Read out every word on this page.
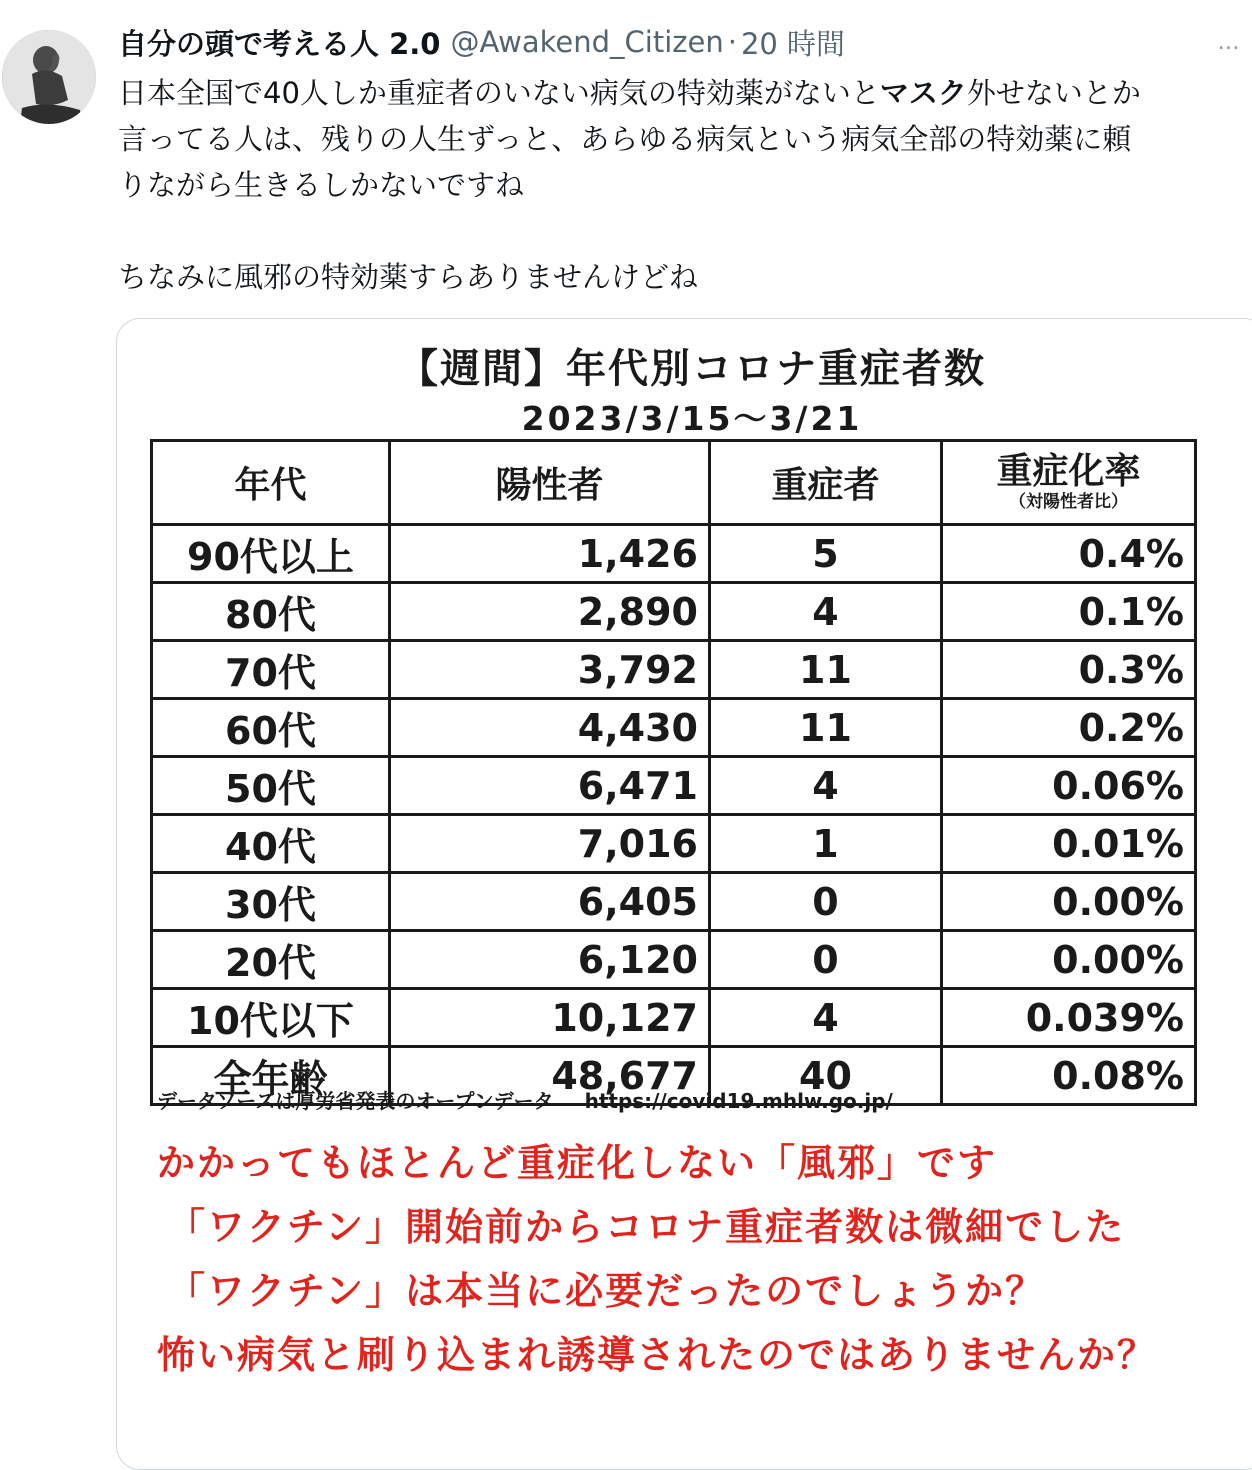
自分の頭で考える人 2.0 @Awakend_Citizen · 20 時間	…

日本全国で40人しか重症者のいない病気の特効薬がないとマスク外せないとか

言ってる人は、残りの人生ずっと、あらゆる病気という病気全部の特効薬に頼

りながら生きるしかないですね

ちなみに風邪の特効薬すらありませんけどね

【週間】年代別コロナ重症者数
2023/3/15～3/21
年代	陽性者	重症者	重症化率
（対陽性者比）

90代以上	1,426	5	0.4%
80代	2,890	4	0.1%
70代	3,792	11	0.3%
60代	4,430	11	0.2%
50代	6,471	4	0.06%
40代	7,016	1	0.01%
30代	6,405	0	0.00%
20代	6,120	0	0.00%
10代以下	10,127	4	0.039%
全年齢	48,677	40	0.08%
データソースは厚労省発表のオープンデータ https://covid19.mhlw.go.jp/
かかってもほとんど重症化しない「風邪」です
「ワクチン」開始前からコロナ重症者数は微細でした
「ワクチン」は本当に必要だったのでしょうか？
怖い病気と刷り込まれ誘導されたのではありませんか？
